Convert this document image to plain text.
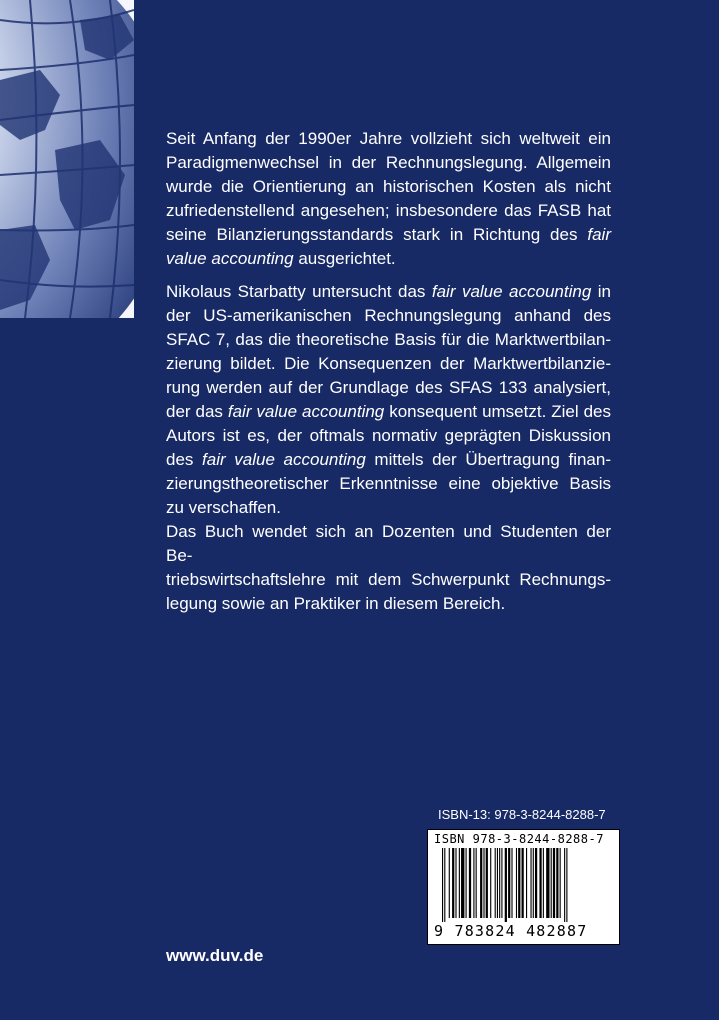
Seit Anfang der 1990er Jahre vollzieht sich weltweit ein
Paradigmenwechsel in der Rechnungslegung. Allgemein
wurde die Orientierung an historischen Kosten als nicht
zufriedenstellend angesehen; insbesondere das FASB hat
seine Bilanzierungsstandards stark in Richtung des fair
value accounting ausgerichtet.
Nikolaus Starbatty untersucht das fair value accounting in
der US-amerikanischen Rechnungslegung anhand des
SFAC 7, das die theoretische Basis für die Marktwertbilan-
zierung bildet. Die Konsequenzen der Marktwertbilanzie-
rung werden auf der Grundlage des SFAS 133 analysiert,
der das fair value accounting konsequent umsetzt. Ziel des
Autors ist es, der oftmals normativ geprägten Diskussion
des fair value accounting mittels der Übertragung finan-
zierungstheoretischer Erkenntnisse eine objektive Basis
zu verschaffen.
Das Buch wendet sich an Dozenten und Studenten der Be-
triebswirtschaftslehre mit dem Schwerpunkt Rechnungs-
legung sowie an Praktiker in diesem Bereich.
ISBN-13: 978-3-8244-8288-7
ISBN 978-3-8244-8288-7
9 783824 482887
www.duv.de
